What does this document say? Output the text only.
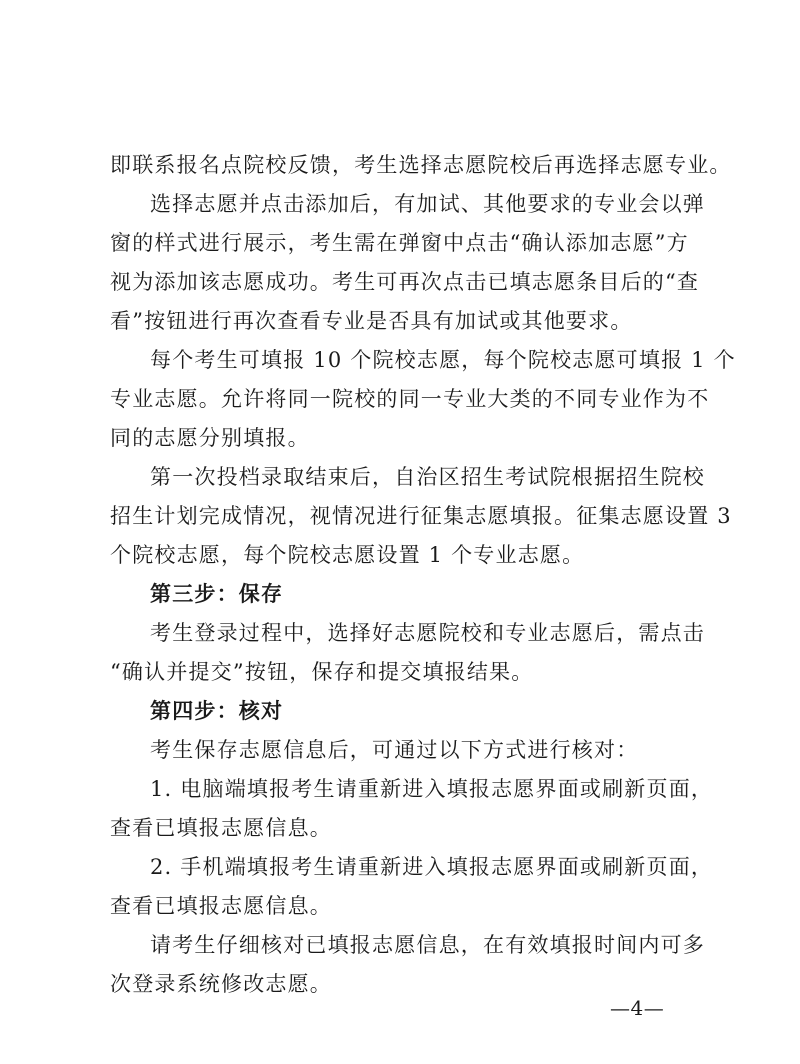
即联系报名点院校反馈，考生选择志愿院校后再选择志愿专业。
选择志愿并点击添加后，有加试、其他要求的专业会以弹
窗的样式进行展示，考生需在弹窗中点击“确认添加志愿”方
视为添加该志愿成功。考生可再次点击已填志愿条目后的“查
看”按钮进行再次查看专业是否具有加试或其他要求。
每个考生可填报 10 个院校志愿，每个院校志愿可填报 1 个
专业志愿。允许将同一院校的同一专业大类的不同专业作为不
同的志愿分别填报。
第一次投档录取结束后，自治区招生考试院根据招生院校
招生计划完成情况，视情况进行征集志愿填报。征集志愿设置 3
个院校志愿，每个院校志愿设置 1 个专业志愿。
第三步：保存
考生登录过程中，选择好志愿院校和专业志愿后，需点击
“确认并提交”按钮，保存和提交填报结果。
第四步：核对
考生保存志愿信息后，可通过以下方式进行核对：
1. 电脑端填报考生请重新进入填报志愿界面或刷新页面，
查看已填报志愿信息。
2. 手机端填报考生请重新进入填报志愿界面或刷新页面，
查看已填报志愿信息。
请考生仔细核对已填报志愿信息，在有效填报时间内可多
次登录系统修改志愿。
—4—
